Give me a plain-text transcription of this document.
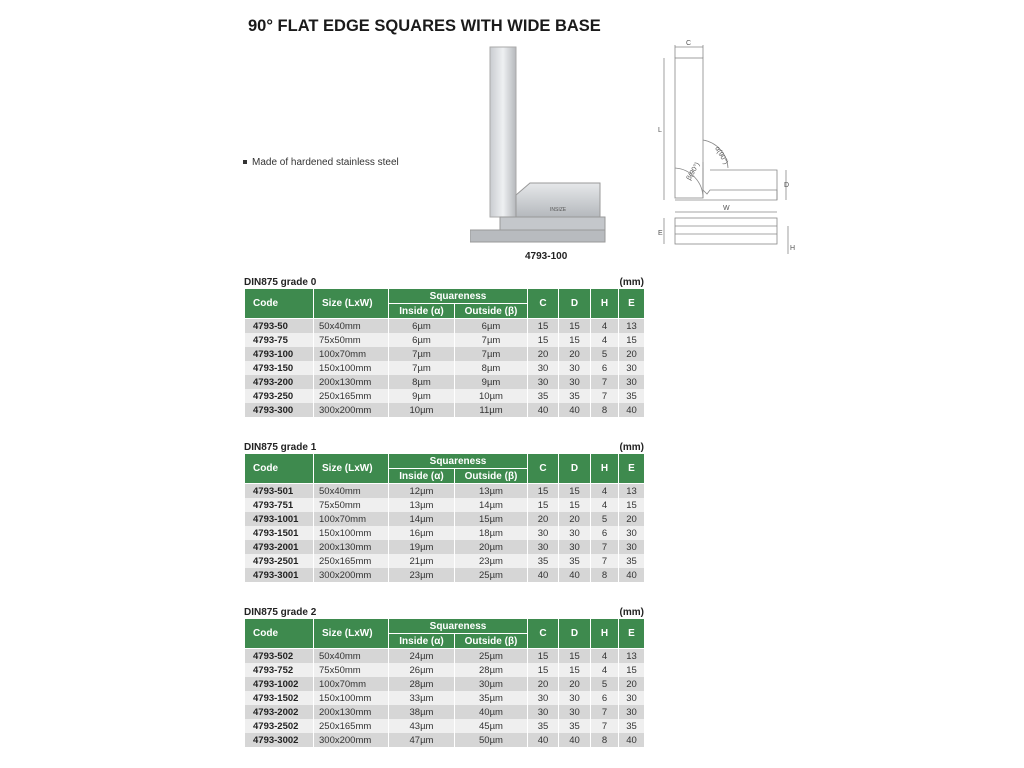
90° FLAT EDGE SQUARES WITH WIDE BASE
Made of hardened stainless steel
INSIZE
4793-100
C
L
α(90°)
β(90°)
D
W
E
H
DIN875 grade 0	(mm)
Code	Size (LxW)	Squareness		C	D	H	E
		Inside (α)	Outside (β)				
4793-50	50x40mm	6µm	6µm	15	15	4	13
4793-75	75x50mm	6µm	7µm	15	15	4	15
4793-100	100x70mm	7µm	7µm	20	20	5	20
4793-150	150x100mm	7µm	8µm	30	30	6	30
4793-200	200x130mm	8µm	9µm	30	30	7	30
4793-250	250x165mm	9µm	10µm	35	35	7	35
4793-300	300x200mm	10µm	11µm	40	40	8	40
DIN875 grade 1	(mm)
Code	Size (LxW)	Squareness		C	D	H	E
		Inside (α)	Outside (β)				
4793-501	50x40mm	12µm	13µm	15	15	4	13
4793-751	75x50mm	13µm	14µm	15	15	4	15
4793-1001	100x70mm	14µm	15µm	20	20	5	20
4793-1501	150x100mm	16µm	18µm	30	30	6	30
4793-2001	200x130mm	19µm	20µm	30	30	7	30
4793-2501	250x165mm	21µm	23µm	35	35	7	35
4793-3001	300x200mm	23µm	25µm	40	40	8	40
DIN875 grade 2	(mm)
Code	Size (LxW)	Squareness		C	D	H	E
		Inside (α)	Outside (β)				
4793-502	50x40mm	24µm	25µm	15	15	4	13
4793-752	75x50mm	26µm	28µm	15	15	4	15
4793-1002	100x70mm	28µm	30µm	20	20	5	20
4793-1502	150x100mm	33µm	35µm	30	30	6	30
4793-2002	200x130mm	38µm	40µm	30	30	7	30
4793-2502	250x165mm	43µm	45µm	35	35	7	35
4793-3002	300x200mm	47µm	50µm	40	40	8	40
